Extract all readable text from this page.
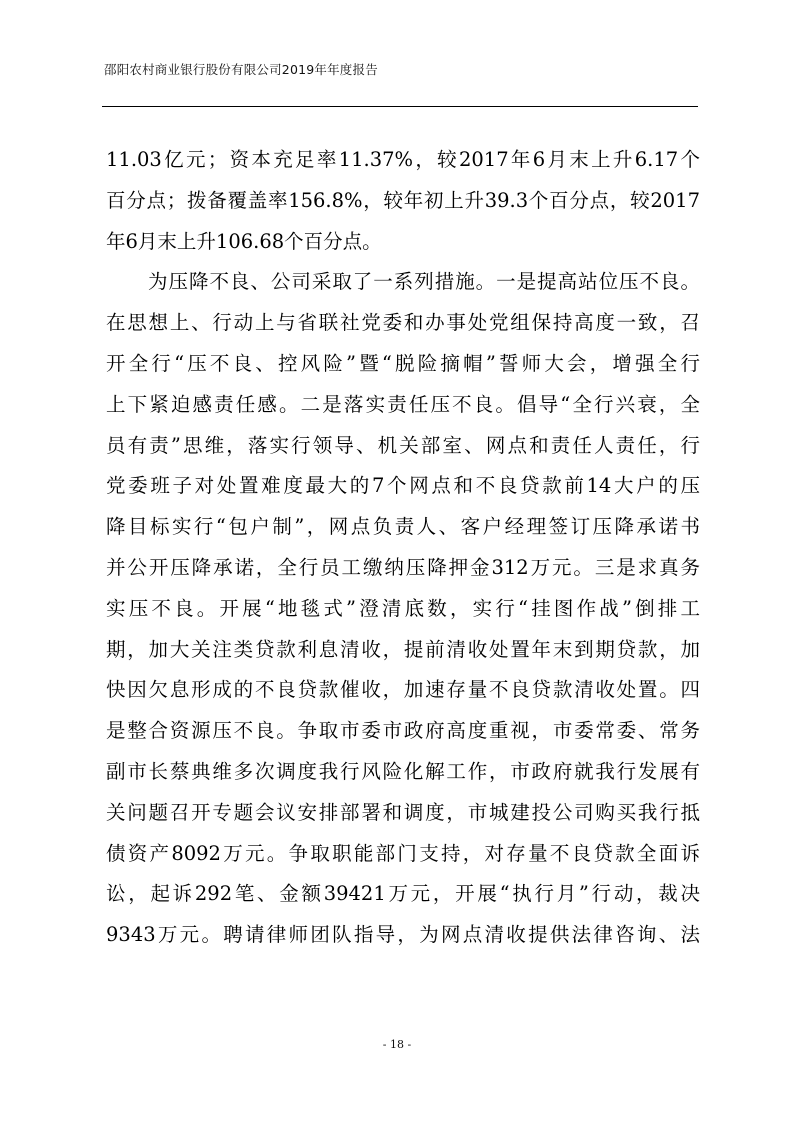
邵阳农村商业银行股份有限公司2019年年度报告
11.03亿元；资本充足率11.37%，较2017年6月末上升6.17个
百分点；拨备覆盖率156.8%，较年初上升39.3个百分点，较2017
年6月末上升106.68个百分点。
为压降不良、公司采取了一系列措施。一是提高站位压不良。
在思想上、行动上与省联社党委和办事处党组保持高度一致，召
开全行“压不良、控风险”暨“脱险摘帽”誓师大会，增强全行
上下紧迫感责任感。二是落实责任压不良。倡导“全行兴衰，全
员有责”思维，落实行领导、机关部室、网点和责任人责任，行
党委班子对处置难度最大的7个网点和不良贷款前14大户的压
降目标实行“包户制”，网点负责人、客户经理签订压降承诺书
并公开压降承诺，全行员工缴纳压降押金312万元。三是求真务
实压不良。开展“地毯式”澄清底数，实行“挂图作战”倒排工
期，加大关注类贷款利息清收，提前清收处置年末到期贷款，加
快因欠息形成的不良贷款催收，加速存量不良贷款清收处置。四
是整合资源压不良。争取市委市政府高度重视，市委常委、常务
副市长蔡典维多次调度我行风险化解工作，市政府就我行发展有
关问题召开专题会议安排部署和调度，市城建投公司购买我行抵
债资产8092万元。争取职能部门支持，对存量不良贷款全面诉
讼，起诉292笔、金额39421万元，开展“执行月”行动，裁决
9343万元。聘请律师团队指导，为网点清收提供法律咨询、法
- 18 -
